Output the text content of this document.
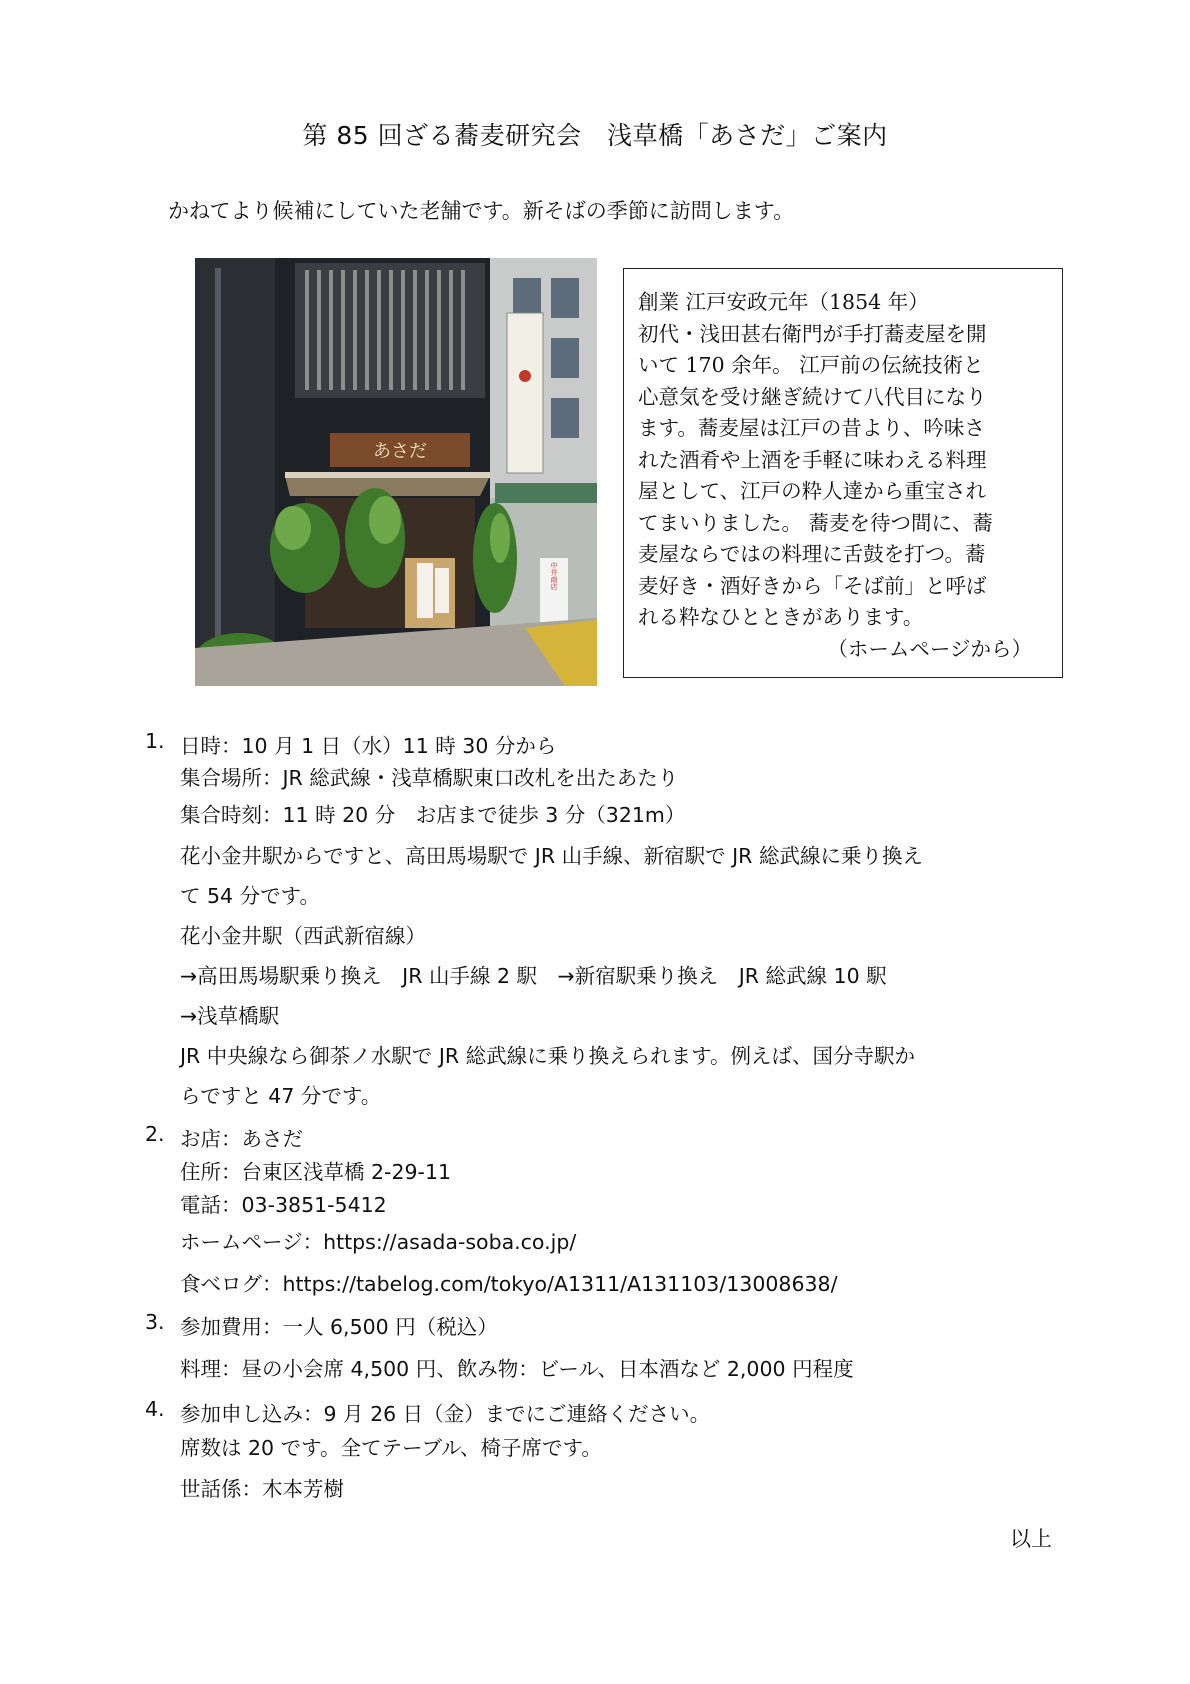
第 85 回ざる蕎麦研究会　浅草橋「あさだ」ご案内
かねてより候補にしていた老舗です。新そばの季節に訪問します。
あさだ
中井商店
創業 江戸安政元年（1854 年）
初代・浅田甚右衛門が手打蕎麦屋を開
いて 170 余年。 江戸前の伝統技術と
心意気を受け継ぎ続けて八代目になり
ます。蕎麦屋は江戸の昔より、吟味さ
れた酒肴や上酒を手軽に味わえる料理
屋として、江戸の粋人達から重宝され
てまいりました。 蕎麦を待つ間に、蕎
麦屋ならではの料理に舌鼓を打つ。蕎
麦好き・酒好きから「そば前」と呼ば
れる粋なひとときがあります。
（ホームページから）
1. 日時：10 月 1 日（水）11 時 30 分から
集合場所：JR 総武線・浅草橋駅東口改札を出たあたり
集合時刻：11 時 20 分　お店まで徒歩 3 分（321m）
花小金井駅からですと、高田馬場駅で JR 山手線、新宿駅で JR 総武線に乗り換え
て 54 分です。
花小金井駅（西武新宿線）
→高田馬場駅乗り換え　JR 山手線 2 駅　→新宿駅乗り換え　JR 総武線 10 駅
→浅草橋駅
JR 中央線なら御茶ノ水駅で JR 総武線に乗り換えられます。例えば、国分寺駅か
らですと 47 分です。
2. お店：あさだ
住所：台東区浅草橋 2-29-11
電話：03-3851-5412
ホームページ：https://asada-soba.co.jp/
食べログ：https://tabelog.com/tokyo/A1311/A131103/13008638/
3. 参加費用：一人 6,500 円（税込）
料理：昼の小会席 4,500 円、飲み物：ビール、日本酒など 2,000 円程度
4. 参加申し込み：9 月 26 日（金）までにご連絡ください。
席数は 20 です。全てテーブル、椅子席です。
世話係：木本芳樹
以上
